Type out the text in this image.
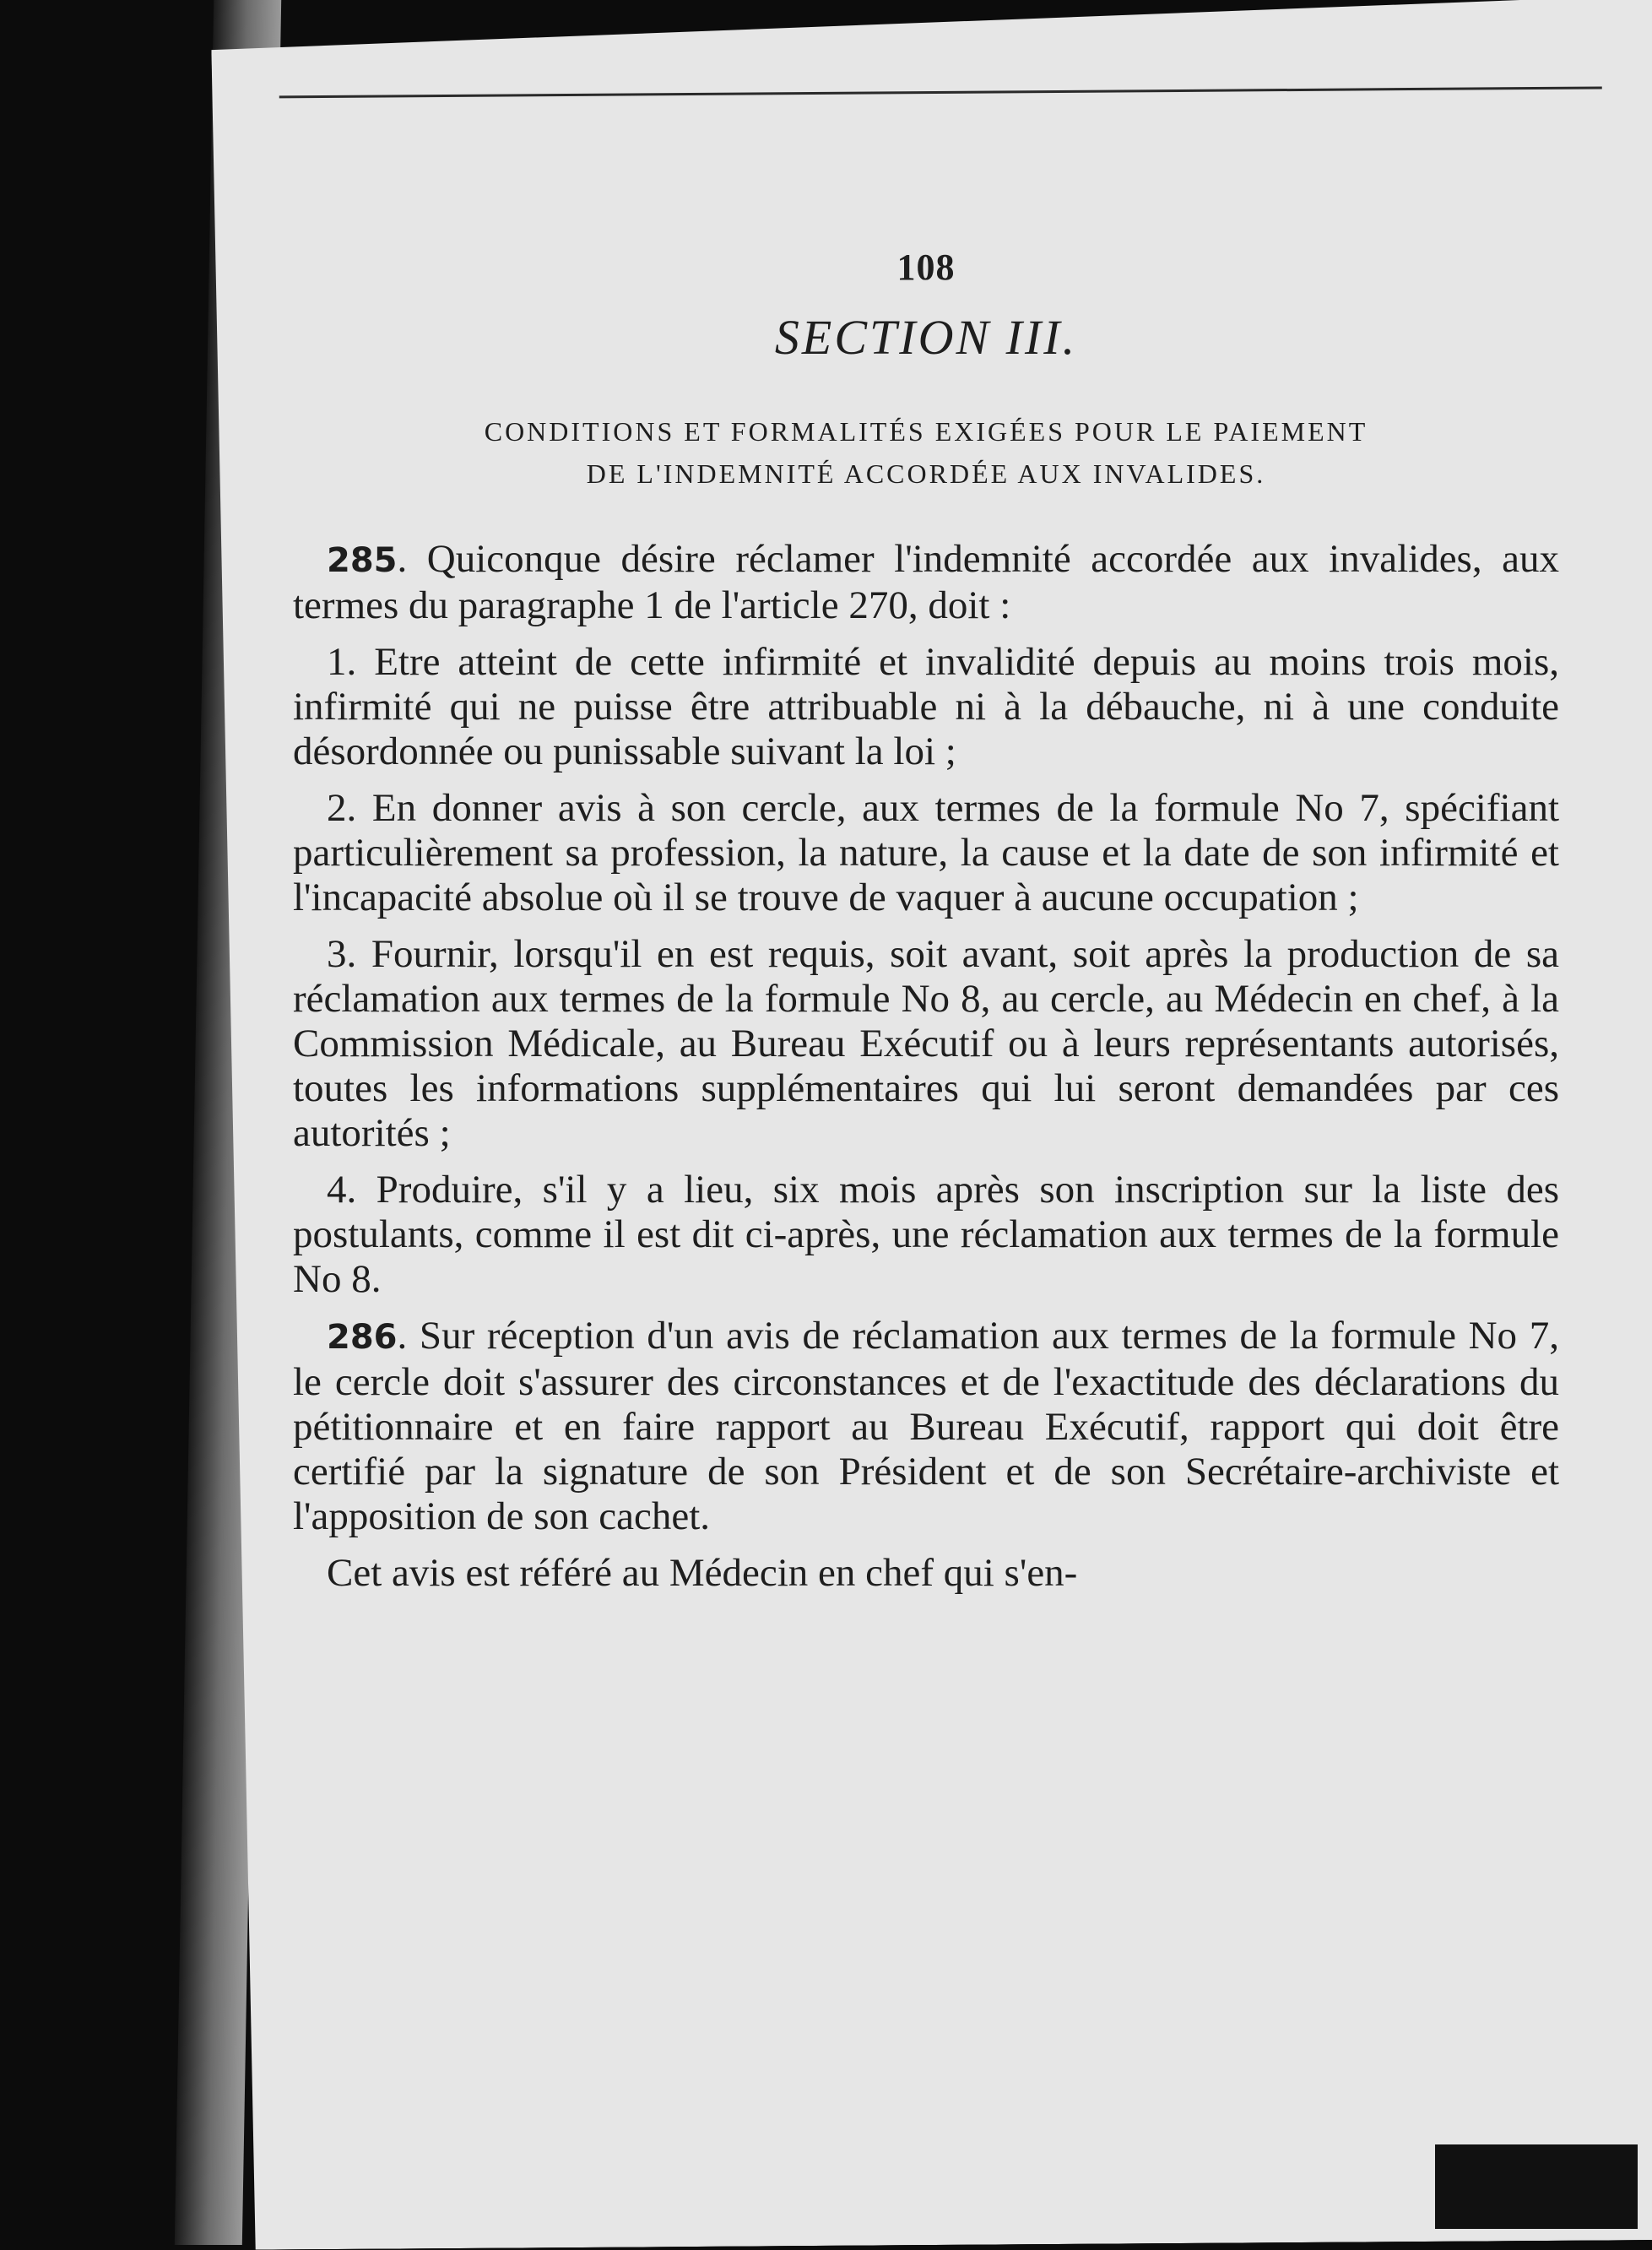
108
SECTION III.
CONDITIONS ET FORMALITÉS EXIGÉES POUR LE PAIEMENT
DE L'INDEMNITÉ ACCORDÉE AUX INVALIDES.

285. Quiconque désire réclamer l'indemnité accordée aux invalides, aux termes du paragraphe 1 de l'article 270, doit :

1. Etre atteint de cette infirmité et invalidité depuis au moins trois mois, infirmité qui ne puisse être attribuable ni à la débauche, ni à une conduite désordonnée ou punissable suivant la loi ;

2. En donner avis à son cercle, aux termes de la formule No 7, spécifiant particulièrement sa profession, la nature, la cause et la date de son infirmité et l'incapacité absolue où il se trouve de vaquer à aucune occupation ;

3. Fournir, lorsqu'il en est requis, soit avant, soit après la production de sa réclamation aux termes de la formule No 8, au cercle, au Médecin en chef, à la Commission Médicale, au Bureau Exécutif ou à leurs représentants autorisés, toutes les informations supplémentaires qui lui seront demandées par ces autorités ;

4. Produire, s'il y a lieu, six mois après son inscription sur la liste des postulants, comme il est dit ci-après, une réclamation aux termes de la formule No 8.

286. Sur réception d'un avis de réclamation aux termes de la formule No 7, le cercle doit s'assurer des circonstances et de l'exactitude des déclarations du pétitionnaire et en faire rapport au Bureau Exécutif, rapport qui doit être certifié par la signature de son Président et de son Secrétaire-archiviste et l'apposition de son cachet.

Cet avis est référé au Médecin en chef qui s'en-
